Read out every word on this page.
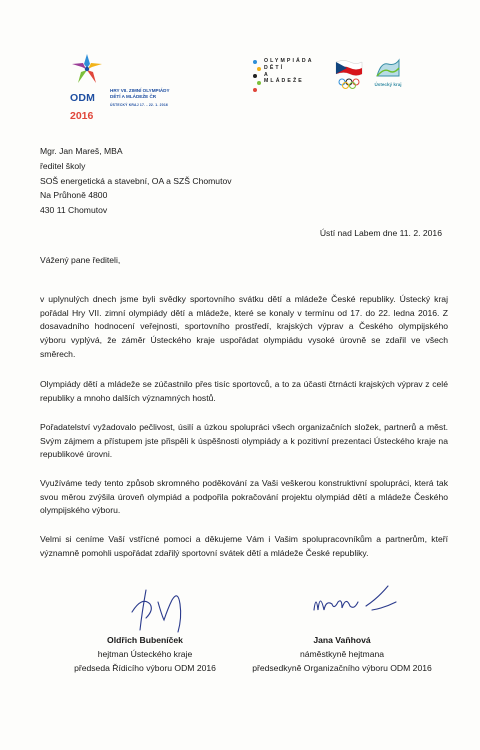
ODM
2016
HRY VII. ZIMNÍ OLYMPIÁDY
DĚTÍ A MLÁDEŽE ČR
ÚSTECKÝ KRAJ 17. - 22. 1. 2016
OLYMPIÁDA
DĚTÍ
A
MLÁDEŽE
Ústecký kraj
Mgr. Jan Mareš, MBA
ředitel školy
SOŠ energetická a stavební, OA a SZŠ Chomutov
Na Průhoně 4800
430 11 Chomutov
Ústí nad Labem dne 11. 2. 2016
Vážený pane řediteli,
v uplynulých dnech jsme byli svědky sportovního svátku dětí a mládeže České republiky. Ústecký kraj pořádal Hry VII. zimní olympiády dětí a mládeže, které se konaly v termínu od 17. do 22. ledna 2016. Z dosavadního hodnocení veřejnosti, sportovního prostředí, krajských výprav a Českého olympijského výboru vyplývá, že záměr Ústeckého kraje uspořádat olympiádu vysoké úrovně se zdařil ve všech směrech.
Olympiády dětí a mládeže se zúčastnilo přes tisíc sportovců, a to za účasti čtrnácti krajských výprav z celé republiky a mnoho dalších významných hostů.
Pořadatelství vyžadovalo pečlivost, úsilí a úzkou spolupráci všech organizačních složek, partnerů a měst. Svým zájmem a přístupem jste přispěli k úspěšnosti olympiády a k pozitivní prezentaci Ústeckého kraje na republikové úrovni.
Využíváme tedy tento způsob skromného poděkování za Vaši veškerou konstruktivní spolupráci, která tak svou měrou zvýšila úroveň olympiád a podpořila pokračování projektu olympiád dětí a mládeže Českého olympijského výboru.
Velmi si ceníme Vaší vstřícné pomoci a děkujeme Vám i Vašim spolupracovníkům a partnerům, kteří významně pomohli uspořádat zdařilý sportovní svátek dětí a mládeže České republiky.
Oldřich Bubeníček
hejtman Ústeckého kraje
předseda Řídicího výboru ODM 2016
Jana Vaňhová
náměstkyně hejtmana
předsedkyně Organizačního výboru ODM 2016
